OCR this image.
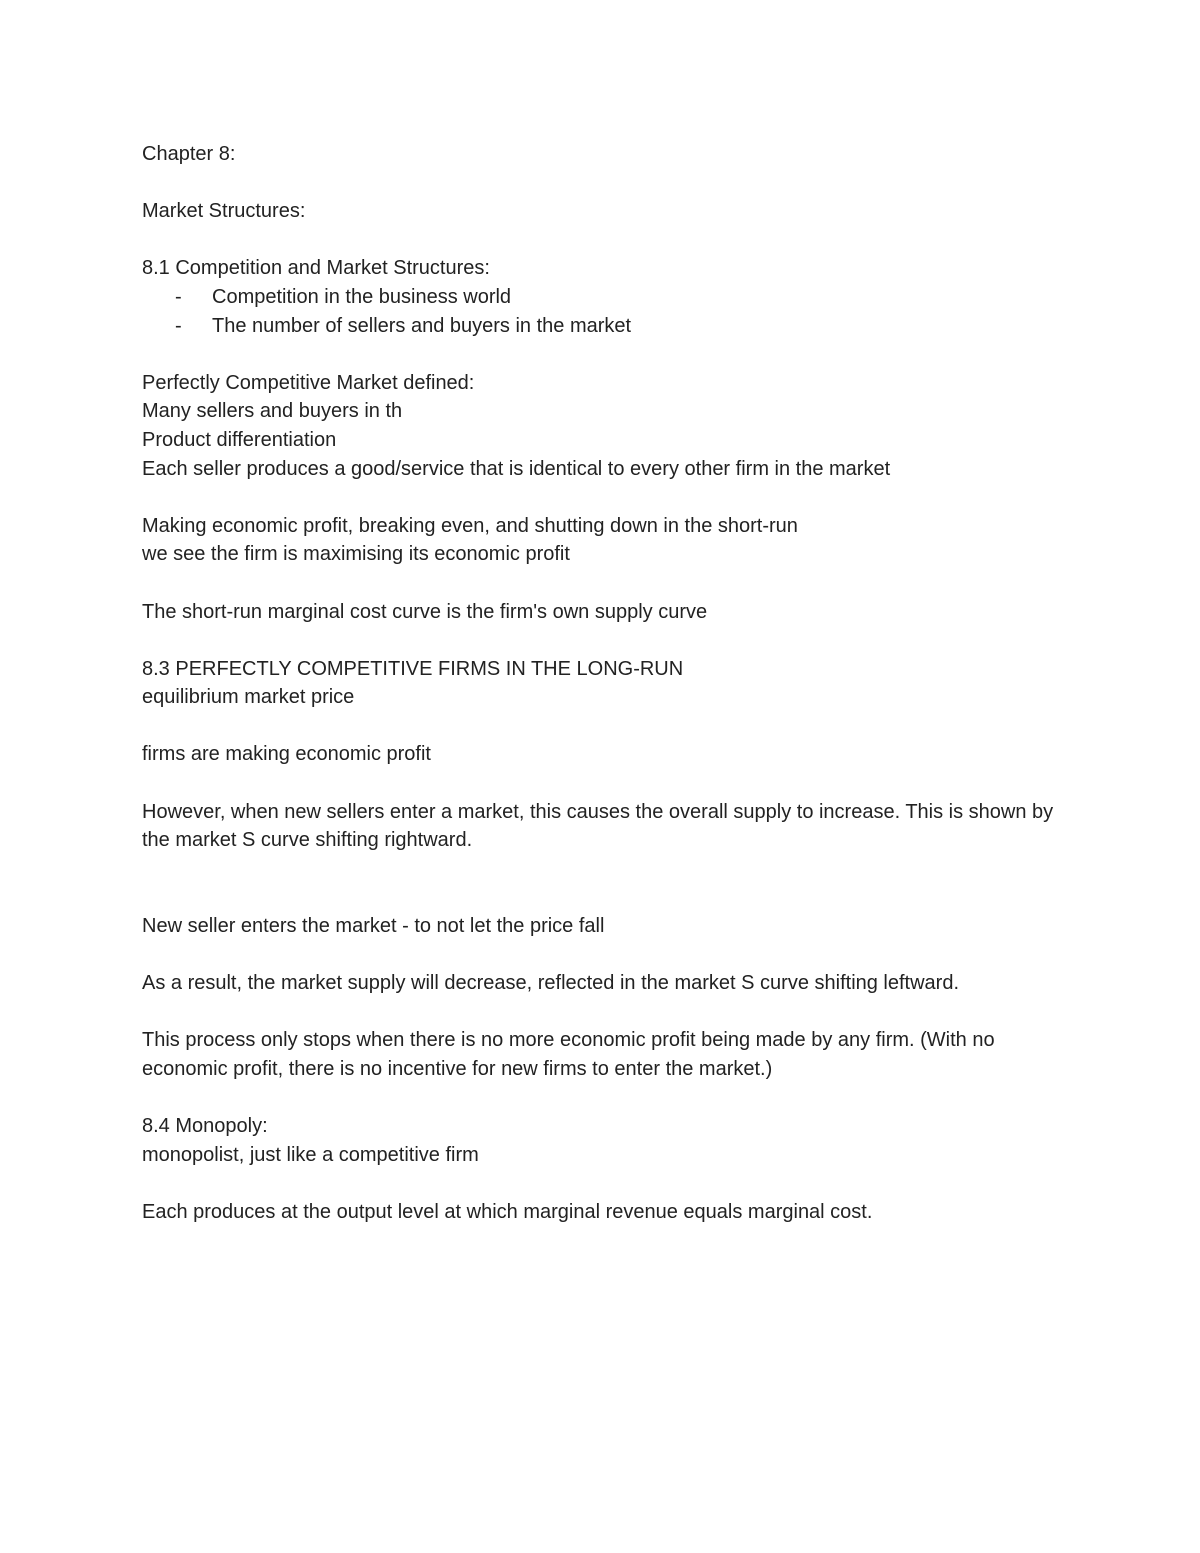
Chapter 8:
Market Structures:
8.1 Competition and Market Structures:
-	Competition in the business world
-	The number of sellers and buyers in the market
Perfectly Competitive Market defined:
Many sellers and buyers in th
Product differentiation
Each seller produces a good/service that is identical to every other firm in the market
Making economic profit, breaking even, and shutting down in the short-run
we see the firm is maximising its economic profit
The short-run marginal cost curve is the firm's own supply curve
8.3 PERFECTLY COMPETITIVE FIRMS IN THE LONG-RUN
equilibrium market price
firms are making economic profit
However, when new sellers enter a market, this causes the overall supply to increase. This is shown by the market S curve shifting rightward.
New seller enters the market - to not let the price fall
As a result, the market supply will decrease, reflected in the market S curve shifting leftward.
This process only stops when there is no more economic profit being made by any firm. (With no economic profit, there is no incentive for new firms to enter the market.)
8.4 Monopoly:
monopolist, just like a competitive firm
Each produces at the output level at which marginal revenue equals marginal cost.
